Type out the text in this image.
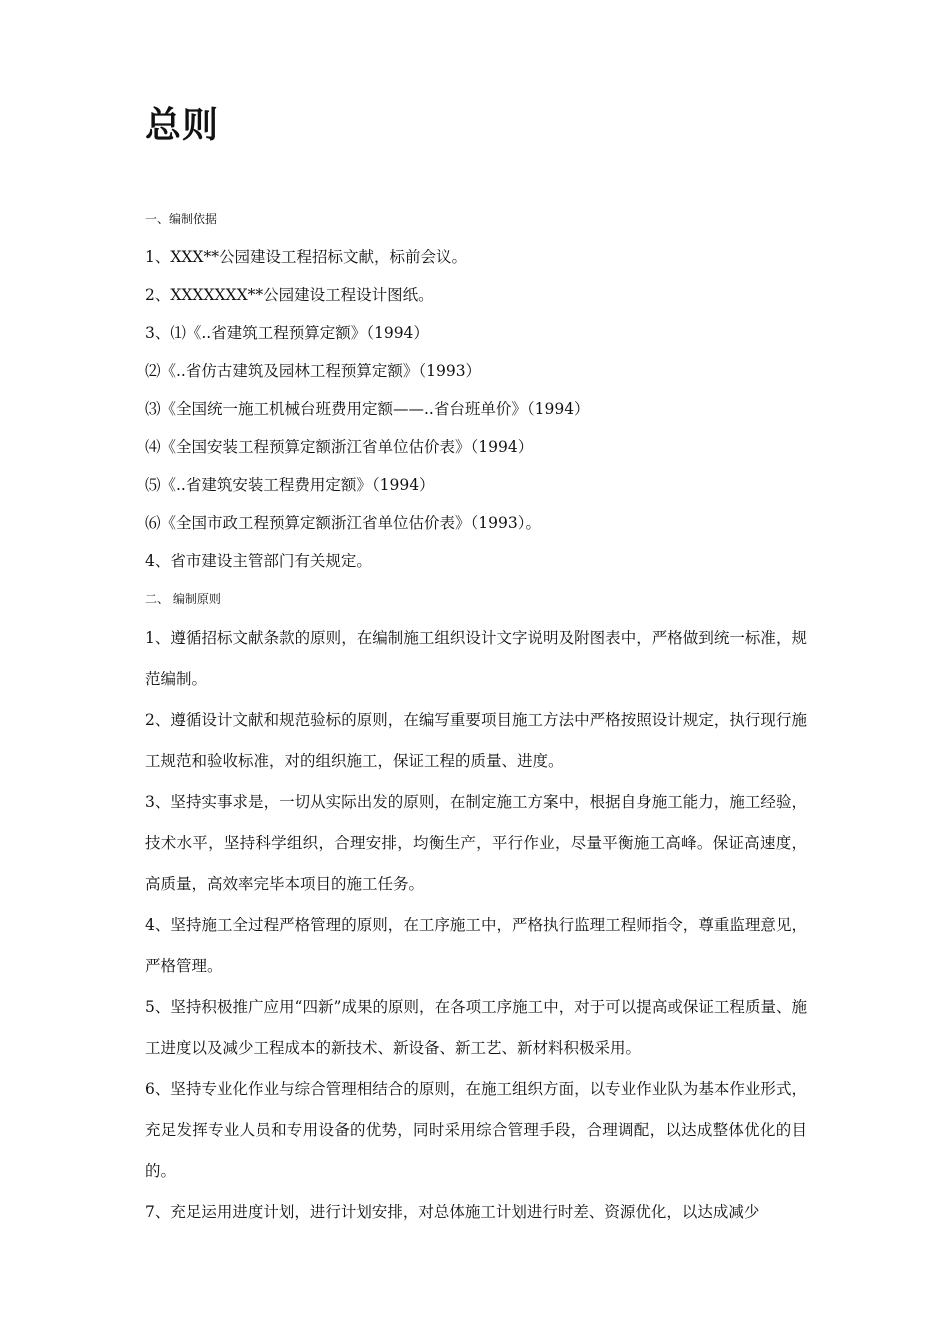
总则

一、编制依据

1、XXX**公园建设工程招标文献，标前会议。

2、XXXXXXX**公园建设工程设计图纸。

3、⑴《..省建筑工程预算定额》（1994）

⑵《..省仿古建筑及园林工程预算定额》（1993）

⑶《全国统一施工机械台班费用定额——..省台班单价》（1994）

⑷《全国安装工程预算定额浙江省单位估价表》（1994）

⑸《..省建筑安装工程费用定额》（1994）

⑹《全国市政工程预算定额浙江省单位估价表》（1993）。

4、省市建设主管部门有关规定。

二、 编制原则

1、遵循招标文献条款的原则，在编制施工组织设计文字说明及附图表中，严格做到统一标准，规范编制。

2、遵循设计文献和规范验标的原则，在编写重要项目施工方法中严格按照设计规定，执行现行施工规范和验收标准，对的组织施工，保证工程的质量、进度。

3、坚持实事求是，一切从实际出发的原则，在制定施工方案中，根据自身施工能力，施工经验，技术水平，坚持科学组织，合理安排，均衡生产，平行作业，尽量平衡施工高峰。保证高速度，高质量，高效率完毕本项目的施工任务。

4、坚持施工全过程严格管理的原则，在工序施工中，严格执行监理工程师指令，尊重监理意见，严格管理。

5、坚持积极推广应用“四新”成果的原则，在各项工序施工中，对于可以提高或保证工程质量、施工进度以及减少工程成本的新技术、新设备、新工艺、新材料积极采用。

6、坚持专业化作业与综合管理相结合的原则，在施工组织方面，以专业作业队为基本作业形式，充足发挥专业人员和专用设备的优势，同时采用综合管理手段，合理调配，以达成整体优化的目的。

7、充足运用进度计划，进行计划安排，对总体施工计划进行时差、资源优化，以达成减少
